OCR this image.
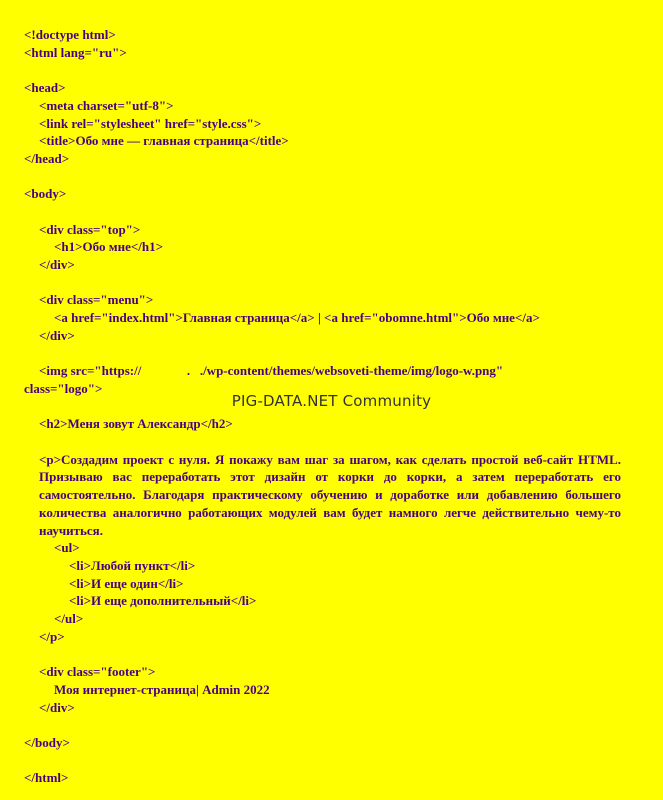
<!doctype html>
<html lang="ru">
<head>
<meta charset="utf-8">
<link rel="stylesheet" href="style.css">
<title>Обо мне — главная страница</title>
</head>
<body>
<div class="top">
<h1>Обо мне</h1>
</div>
<div class="menu">
<a href="index.html">Главная страница</a> | <a href="obomne.html">Обо мне</a>
</div>
<img src="https://              .   ./wp-content/themes/websoveti-theme/img/logo-w.png"
class="logo">
<h2>Меня зовут Александр</h2>
<p>Создадим проект с нуля. Я покажу вам шаг за шагом, как сделать простой веб-сайт HTML. Призываю вас переработать этот дизайн от корки до корки, а затем переработать его самостоятельно. Благодаря практическому обучению и доработке или добавлению большего количества аналогично работающих модулей вам будет намного легче действительно чему-то научиться.
<ul>
<li>Любой пункт</li>
<li>И еще один</li>
<li>И еще дополнительный</li>
</ul>
</p>
<div class="footer">
Моя интернет-страница| Admin 2022
</div>
</body>
</html>
PIG-DATA.NET Community
